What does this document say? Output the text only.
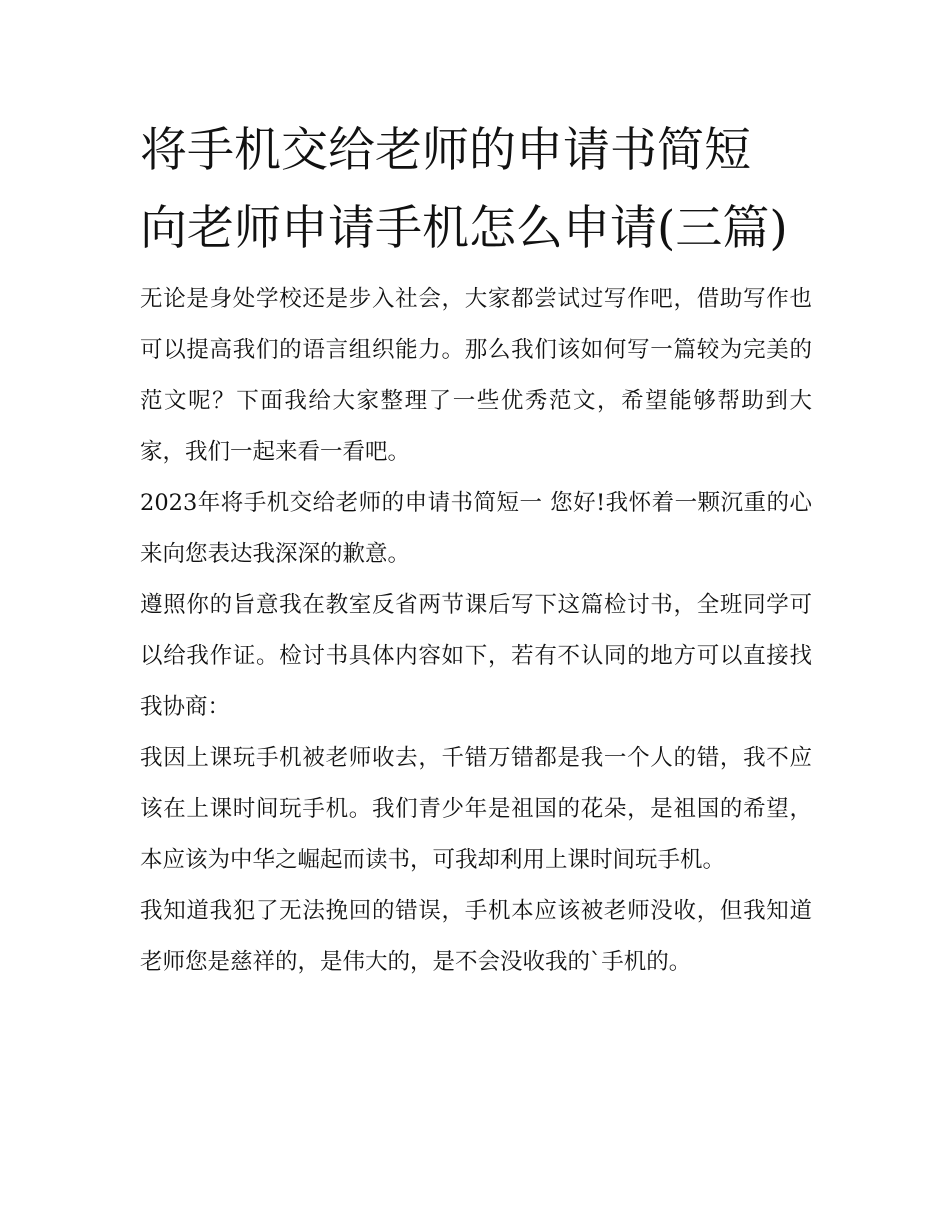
将手机交给老师的申请书简短 向老师申请手机怎么申请(三篇)

无论是身处学校还是步入社会，大家都尝试过写作吧，借助写作也可以提高我们的语言组织能力。那么我们该如何写一篇较为完美的范文呢？下面我给大家整理了一些优秀范文，希望能够帮助到大家，我们一起来看一看吧。

2023年将手机交给老师的申请书简短一 您好!我怀着一颗沉重的心来向您表达我深深的歉意。

遵照你的旨意我在教室反省两节课后写下这篇检讨书，全班同学可以给我作证。检讨书具体内容如下，若有不认同的地方可以直接找我协商：

我因上课玩手机被老师收去，千错万错都是我一个人的错，我不应该在上课时间玩手机。我们青少年是祖国的花朵，是祖国的希望，本应该为中华之崛起而读书，可我却利用上课时间玩手机。

我知道我犯了无法挽回的错误，手机本应该被老师没收，但我知道老师您是慈祥的，是伟大的，是不会没收我的`手机的。
